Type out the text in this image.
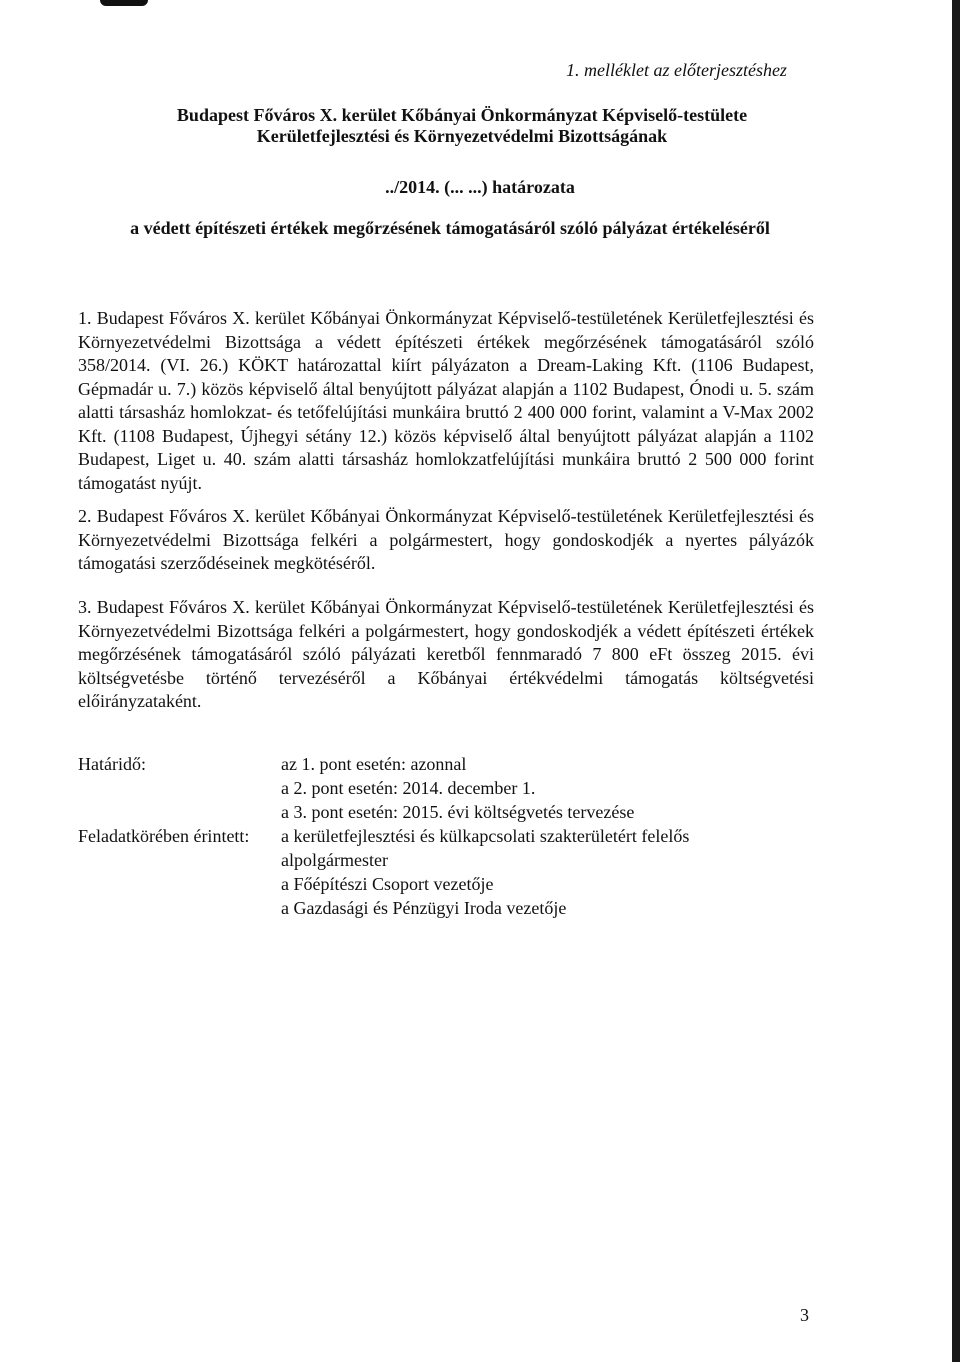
1. melléklet az előterjesztéshez
Budapest Főváros X. kerület Kőbányai Önkormányzat Képviselő-testülete
Kerületfejlesztési és Környezetvédelmi Bizottságának
../2014. (... ...) határozata
a védett építészeti értékek megőrzésének támogatásáról szóló pályázat értékeléséről
1. Budapest Főváros X. kerület Kőbányai Önkormányzat Képviselő-testületének Kerületfejlesztési és Környezetvédelmi Bizottsága a védett építészeti értékek megőrzésének támogatásáról szóló 358/2014. (VI. 26.) KÖKT határozattal kiírt pályázaton a Dream-Laking Kft. (1106 Budapest, Gépmadár u. 7.) közös képviselő által benyújtott pályázat alapján a 1102 Budapest, Ónodi u. 5. szám alatti társasház homlokzat- és tetőfelújítási munkáira bruttó 2 400 000 forint, valamint a V-Max 2002 Kft. (1108 Budapest, Újhegyi sétány 12.) közös képviselő által benyújtott pályázat alapján a 1102 Budapest, Liget u. 40. szám alatti társasház homlokzatfelújítási munkáira bruttó 2 500 000 forint támogatást nyújt.
2. Budapest Főváros X. kerület Kőbányai Önkormányzat Képviselő-testületének Kerületfejlesztési és Környezetvédelmi Bizottsága felkéri a polgármestert, hogy gondoskodjék a nyertes pályázók támogatási szerződéseinek megkötéséről.
3. Budapest Főváros X. kerület Kőbányai Önkormányzat Képviselő-testületének Kerületfejlesztési és Környezetvédelmi Bizottsága felkéri a polgármestert, hogy gondoskodjék a védett építészeti értékek megőrzésének támogatásáról szóló pályázati keretből fennmaradó 7 800 eFt összeg 2015. évi költségvetésbe történő tervezéséről a Kőbányai értékvédelmi támogatás költségvetési előirányzataként.
Határidő:	az 1. pont esetén: azonnal
a 2. pont esetén: 2014. december 1.
a 3. pont esetén: 2015. évi költségvetés tervezése
Feladatkörében érintett:	a kerületfejlesztési és külkapcsolati szakterületért felelős alpolgármester
a Főépítészi Csoport vezetője
a Gazdasági és Pénzügyi Iroda vezetője
3
